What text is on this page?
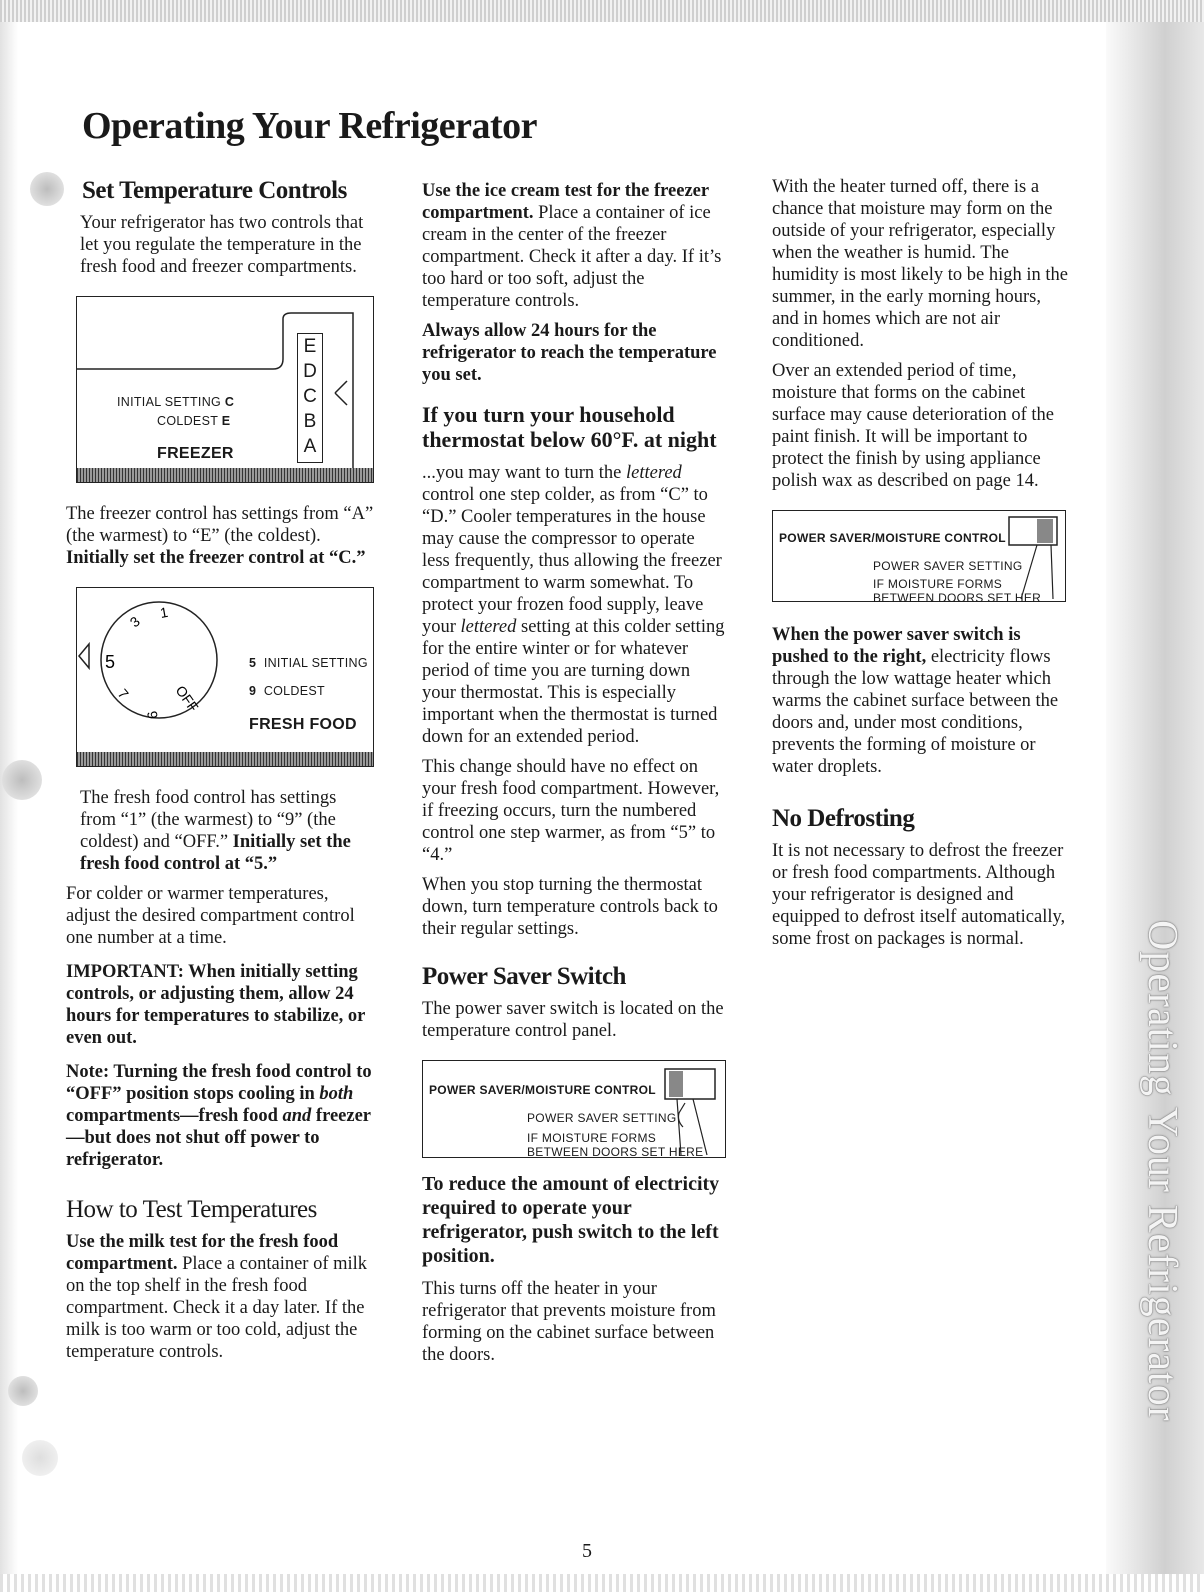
Operating Your Refrigerator
Operating Your Refrigerator
Set Temperature Controls

Your refrigerator has two controls that let you regulate the temperature in the fresh food and freezer compartments.

E
D
C
B
A
INITIAL SETTING C
COLDEST E
FREEZER

The freezer control has settings from “A” (the warmest) to “E” (the coldest). Initially set the freezer control at “C.”

5
3
1
7
9
OFF
5 INITIAL SETTING
9 COLDEST
FRESH FOOD

The fresh food control has settings from “1” (the warmest) to “9” (the coldest) and “OFF.” Initially set the fresh food control at “5.”

For colder or warmer temperatures, adjust the desired compartment control one number at a time.

IMPORTANT: When initially setting controls, or adjusting them, allow 24 hours for temperatures to stabilize, or even out.

Note: Turning the fresh food control to “OFF” position stops cooling in both compartments—fresh food and freezer—but does not shut off power to refrigerator.

How to Test Temperatures

Use the milk test for the fresh food compartment. Place a container of milk on the top shelf in the fresh food compartment. Check it a day later. If the milk is too warm or too cold, adjust the temperature controls.

Use the ice cream test for the freezer compartment. Place a container of ice cream in the center of the freezer compartment. Check it after a day. If it’s too hard or too soft, adjust the temperature controls.

Always allow 24 hours for the refrigerator to reach the temperature you set.

If you turn your household thermostat below 60°F. at night

...you may want to turn the lettered control one step colder, as from “C” to “D.” Cooler temperatures in the house may cause the compressor to operate less frequently, thus allowing the freezer compartment to warm somewhat. To protect your frozen food supply, leave your lettered setting at this colder setting for the entire winter or for whatever period of time you are turning down your thermostat. This is especially important when the thermostat is turned down for an extended period.

This change should have no effect on your fresh food compartment. However, if freezing occurs, turn the numbered control one step warmer, as from “5” to “4.”

When you stop turning the thermostat down, turn temperature controls back to their regular settings.

Power Saver Switch

The power saver switch is located on the temperature control panel.

POWER SAVER/MOISTURE CONTROL
POWER SAVER SETTING
IF MOISTURE FORMS
BETWEEN DOORS SET HERE
To reduce the amount of electricity required to operate your refrigerator, push switch to the left position.

This turns off the heater in your refrigerator that prevents moisture from forming on the cabinet surface between the doors.

With the heater turned off, there is a chance that moisture may form on the outside of your refrigerator, especially when the weather is humid. The humidity is most likely to be high in the summer, in the early morning hours, and in homes which are not air conditioned.

Over an extended period of time, moisture that forms on the cabinet surface may cause deterioration of the paint finish. It will be important to protect the finish by using appliance polish wax as described on page 14.

POWER SAVER/MOISTURE CONTROL
POWER SAVER SETTING
IF MOISTURE FORMS
BETWEEN DOORS SET HER

When the power saver switch is pushed to the right, electricity flows through the low wattage heater which warms the cabinet surface between the doors and, under most conditions, prevents the forming of moisture or water droplets.

No Defrosting

It is not necessary to defrost the freezer or fresh food compartments. Although your refrigerator is designed and equipped to defrost itself automatically, some frost on packages is normal.

5
